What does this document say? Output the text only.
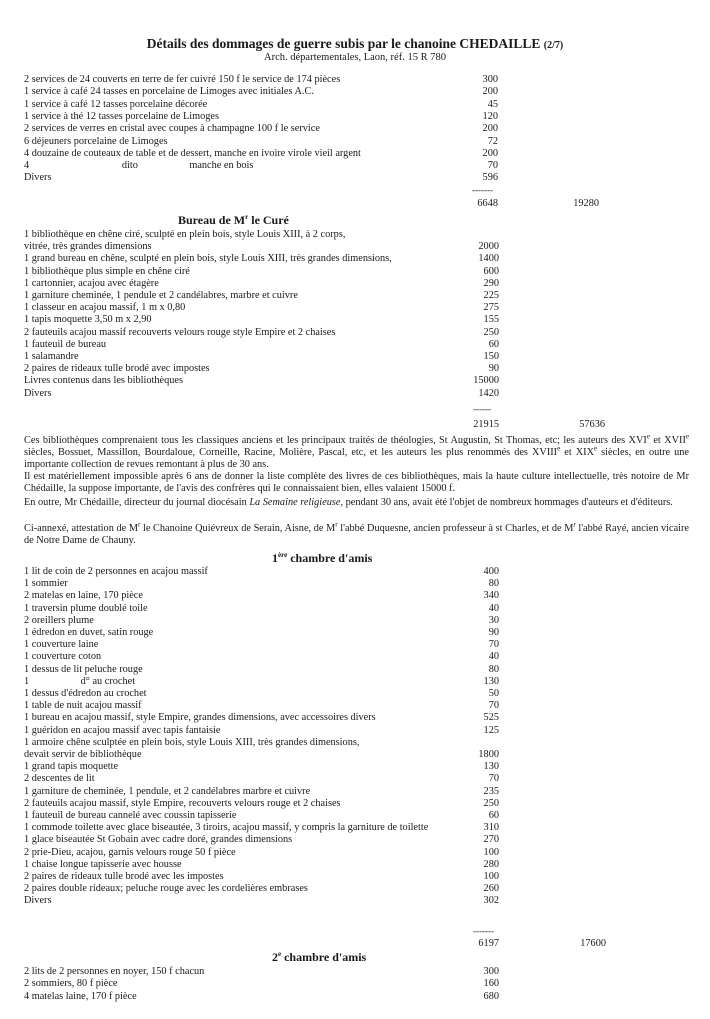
Détails des dommages de guerre subis par le chanoine CHEDAILLE (2/7)
Arch. départementales, Laon, réf. 15 R 780
2 services de 24 couverts en terre de fer cuivré 150 f le service de 174 pièces	300
1 service à café 24 tasses en porcelaine de Limoges avec initiales A.C.	200
1 service à café 12 tasses porcelaine décorée	45
1 service à thé 12 tasses porcelaine de Limoges	120
2 services de verres en cristal avec coupes à champagne 100 f le service	200
6 déjeuners porcelaine de Limoges	72
4 douzaine de couteaux de table et de dessert, manche en ivoire virole vieil argent	200
4                                    dito                    manche en bois	70
Divers	596
-------
6648	19280
Bureau de $M^r$ le Curé
1 bibliothèque en chêne ciré, sculpté en plein bois, style Louis XIII, à 2 corps,
vitrée, très grandes dimensions	2000
1 grand bureau en chêne, sculpté en plein bois, style Louis XIII, très grandes dimensions,	1400
1 bibliothèque plus simple en chêne ciré	600
1 cartonnier, acajou avec étagère	290
1 garniture cheminée, 1 pendule et 2 candélabres, marbre et cuivre	225
1 classeur en acajou massif, 1 m x 0,80	275
1 tapis moquette 3,50 m x 2,90	155
2 fauteuils acajou massif recouverts velours rouge style Empire et 2 chaises	250
1 fauteuil de bureau	60
1 salamandre	150
2 paires de rideaux tulle brodé avec impostes	90
Livres contenus dans les bibliothèques	15000
Divers	1420
------
21915	57636
Ces bibliothèques comprenaient tous les classiques anciens et les principaux traités de théologies, St Augustin, St Thomas, etc; les auteurs des XVIe et XVIIe siècles, Bossuet, Massillon, Bourdaloue, Corneille, Racine, Molière, Pascal, etc, et les auteurs les plus renommés des XVIIIe et XIXe siècles, en outre une importante collection de revues remontant à plus de 30 ans.
Il est matériellement impossible après 6 ans de donner la liste complète des livres de ces bibliothèques, mais la haute culture intellectuelle, très notoire de Mr Chédaille, la suppose importante, de l'avis des confrères qui le connaissaient bien, elles valaient 15000 f.
En outre, Mr Chédaille, directeur du journal diocésain La Semaine religieuse, pendant 30 ans, avait été l'objet de nombreux hommages d'auteurs et d'éditeurs.
Ci-annexé, attestation de $M^r$ le Chanoine Quiévreux de Serain, Aisne, de $M^r$ l'abbé Duquesne, ancien professeur à st Charles, et de $M^r$ l'abbé Rayé, ancien vicaire de Notre Dame de Chauny.
1ère chambre d'amis
1 lit de coin de 2 personnes en acajou massif	400
1 sommier	80
2 matelas en laine, 170 pièce	340
1 traversin plume doublé toile	40
2 oreillers plume	30
1 édredon en duvet, satin rouge	90
1 couverture laine	70
1 couverture coton	40
1 dessus de lit peluche rouge	80
1                    d° au crochet	130
1 dessus d'édredon au crochet	50
1 table de nuit acajou massif	70
1 bureau en acajou massif, style Empire, grandes dimensions, avec accessoires divers	525
1 guéridon en acajou massif avec tapis fantaisie	125
1 armoire chêne sculptée en plein bois, style Louis XIII, très grandes dimensions,
devait servir de bibliothèque	1800
1 grand tapis moquette	130
2 descentes de lit	70
1 garniture de cheminée, 1 pendule, et 2 candélabres marbre et cuivre	235
2 fauteuils acajou massif, style Empire, recouverts velours rouge et 2 chaises	250
1 fauteuil de bureau cannelé avec coussin tapisserie	60
1 commode toilette avec glace biseautée, 3 tiroirs, acajou massif, y compris la garniture de toilette	310
1 glace biseautée St Gobain avec cadre doré, grandes dimensions	270
2 prie-Dieu, acajou, garnis velours rouge 50 f pièce	100
1 chaise longue tapisserie avec housse	280
2 paires de rideaux tulle brodé avec les impostes	100
2 paires double rideaux; peluche rouge avec les cordelières embrases	260
Divers	302
-------
6197	17600
2e chambre d'amis
2 lits de 2 personnes en noyer, 150 f chacun	300
2 sommiers, 80 f pièce	160
4 matelas laine, 170 f pièce	680
